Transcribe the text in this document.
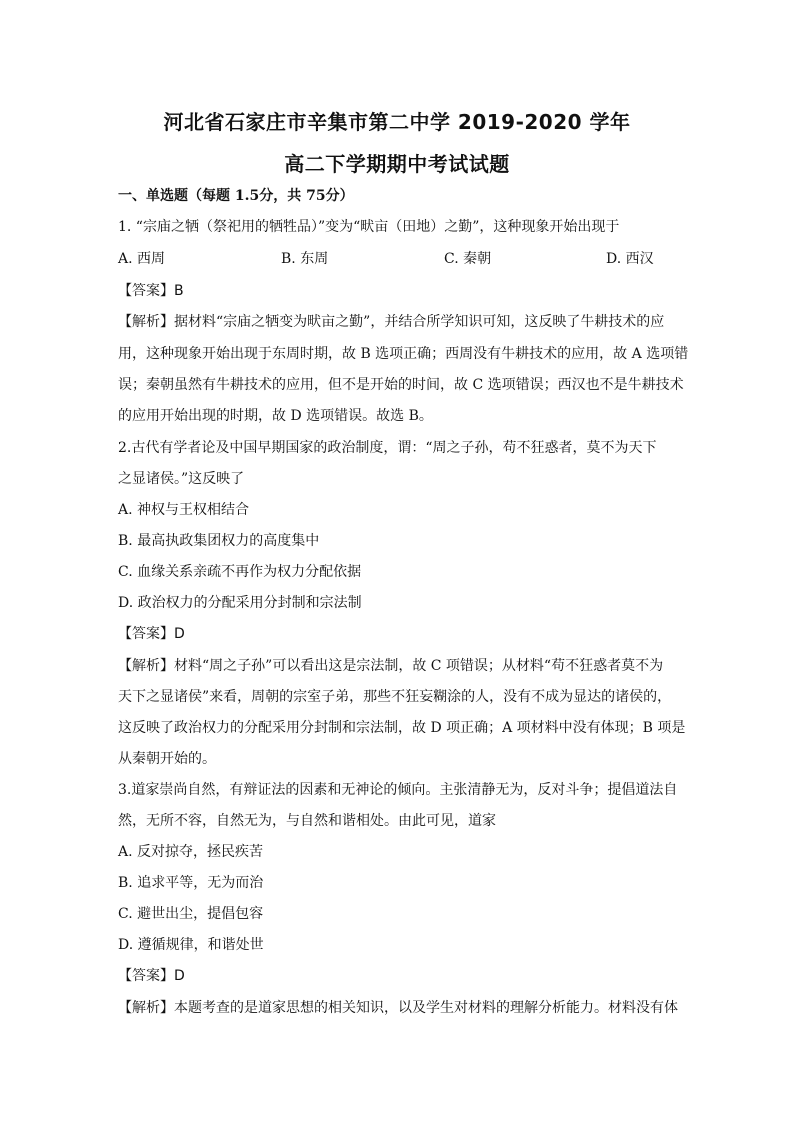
河北省石家庄市辛集市第二中学 2019-2020 学年
高二下学期期中考试试题
一、单选题（每题 1.5分，共 75分）
1. “宗庙之牺（祭祀用的牺牲品）”变为“畎亩（田地）之勤”，这种现象开始出现于
A. 西周	B. 东周	C. 秦朝	D. 西汉
【答案】B
【解析】据材料“宗庙之牺变为畎亩之勤”，并结合所学知识可知，这反映了牛耕技术的应
用，这种现象开始出现于东周时期，故 B 选项正确；西周没有牛耕技术的应用，故 A 选项错
误；秦朝虽然有牛耕技术的应用，但不是开始的时间，故 C 选项错误；西汉也不是牛耕技术
的应用开始出现的时期，故 D 选项错误。故选 B。
2.古代有学者论及中国早期国家的政治制度，谓：“周之子孙，苟不狂惑者，莫不为天下
之显诸侯。”这反映了
A. 神权与王权相结合
B. 最高执政集团权力的高度集中
C. 血缘关系亲疏不再作为权力分配依据
D. 政治权力的分配采用分封制和宗法制
【答案】D
【解析】材料“周之子孙”可以看出这是宗法制，故 C 项错误；从材料“苟不狂惑者莫不为
天下之显诸侯”来看，周朝的宗室子弟，那些不狂妄糊涂的人，没有不成为显达的诸侯的，
这反映了政治权力的分配采用分封制和宗法制，故 D 项正确；A 项材料中没有体现；B 项是
从秦朝开始的。
3.道家崇尚自然，有辩证法的因素和无神论的倾向。主张清静无为，反对斗争；提倡道法自
然，无所不容，自然无为，与自然和谐相处。由此可见，道家
A. 反对掠夺，拯民疾苦
B. 追求平等，无为而治
C. 避世出尘，提倡包容
D. 遵循规律，和谐处世
【答案】D
【解析】本题考查的是道家思想的相关知识，以及学生对材料的理解分析能力。材料没有体
